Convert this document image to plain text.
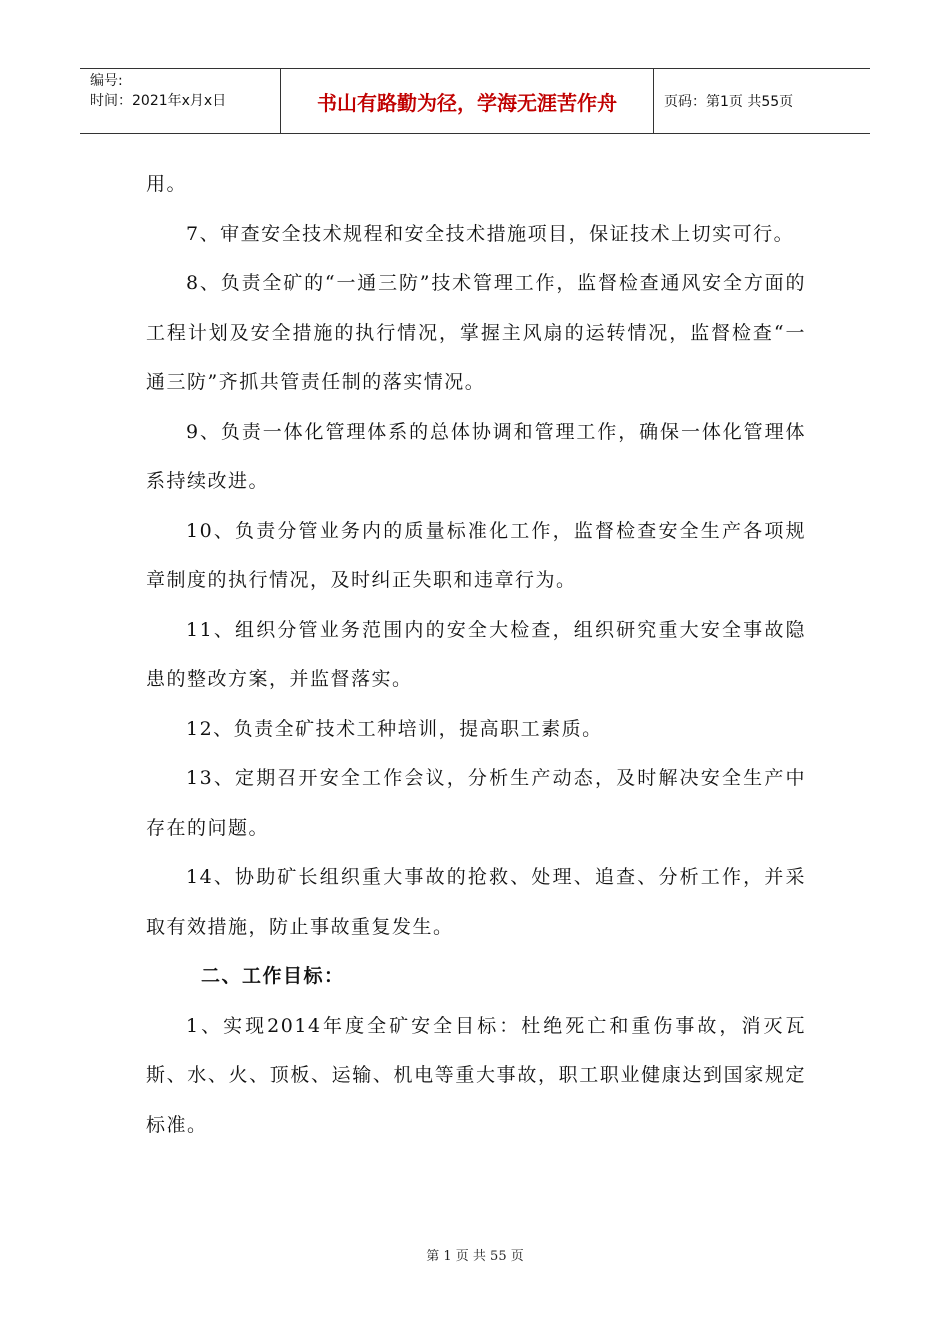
编号:
时间：2021年x月x日	书山有路勤为径，学海无涯苦作舟	页码：第1页 共55页

用。

7、审查安全技术规程和安全技术措施项目，保证技术上切实可行。

8、负责全矿的“一通三防”技术管理工作，监督检查通风安全方面的工程计划及安全措施的执行情况，掌握主风扇的运转情况，监督检查“一通三防”齐抓共管责任制的落实情况。

9、负责一体化管理体系的总体协调和管理工作，确保一体化管理体系持续改进。

10、负责分管业务内的质量标准化工作，监督检查安全生产各项规章制度的执行情况，及时纠正失职和违章行为。

11、组织分管业务范围内的安全大检查，组织研究重大安全事故隐患的整改方案，并监督落实。

12、负责全矿技术工种培训，提高职工素质。

13、定期召开安全工作会议，分析生产动态，及时解决安全生产中存在的问题。

14、协助矿长组织重大事故的抢救、处理、追查、分析工作，并采取有效措施，防止事故重复发生。

二、工作目标：

1、实现2014年度全矿安全目标：杜绝死亡和重伤事故，消灭瓦斯、水、火、顶板、运输、机电等重大事故，职工职业健康达到国家规定标准。

第 1 页 共 55 页
